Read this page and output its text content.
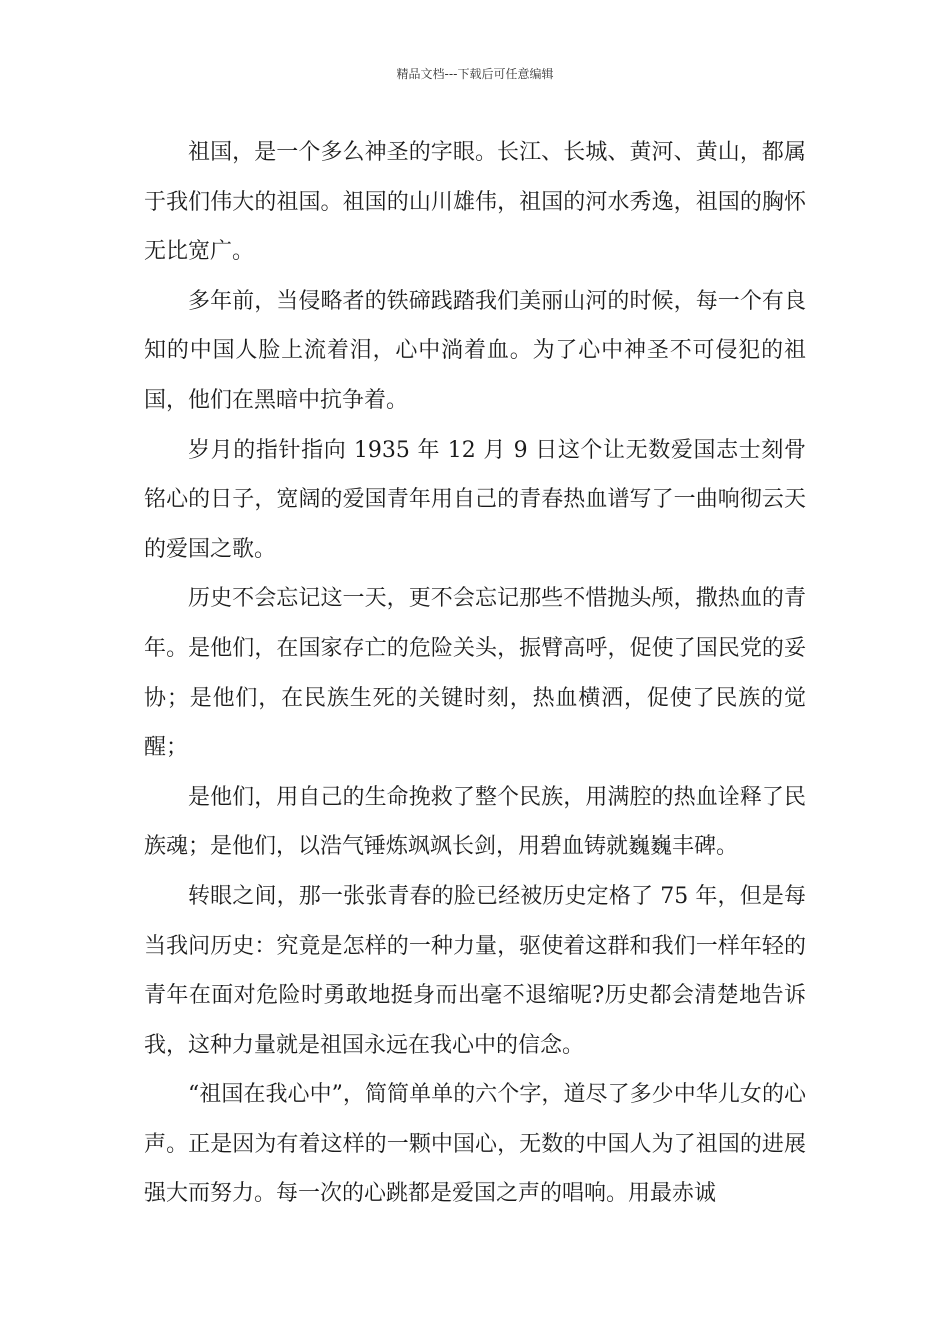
精品文档---下载后可任意编辑

祖国，是一个多么神圣的字眼。长江、长城、黄河、黄山，都属于我们伟大的祖国。祖国的山川雄伟，祖国的河水秀逸，祖国的胸怀无比宽广。

多年前，当侵略者的铁碲践踏我们美丽山河的时候，每一个有良知的中国人脸上流着泪，心中淌着血。为了心中神圣不可侵犯的祖国，他们在黑暗中抗争着。

岁月的指针指向 1935 年 12 月 9 日这个让无数爱国志士刻骨铭心的日子，宽阔的爱国青年用自己的青春热血谱写了一曲响彻云天的爱国之歌。

历史不会忘记这一天，更不会忘记那些不惜抛头颅，撒热血的青年。是他们，在国家存亡的危险关头，振臂高呼，促使了国民党的妥协；是他们，在民族生死的关键时刻，热血横洒，促使了民族的觉醒；

是他们，用自己的生命挽救了整个民族，用满腔的热血诠释了民族魂；是他们，以浩气锤炼飒飒长剑，用碧血铸就巍巍丰碑。

转眼之间，那一张张青春的脸已经被历史定格了 75 年，但是每当我问历史：究竟是怎样的一种力量，驱使着这群和我们一样年轻的青年在面对危险时勇敢地挺身而出毫不退缩呢?历史都会清楚地告诉我，这种力量就是祖国永远在我心中的信念。

“祖国在我心中”，简简单单的六个字，道尽了多少中华儿女的心声。正是因为有着这样的一颗中国心，无数的中国人为了祖国的进展强大而努力。每一次的心跳都是爱国之声的唱响。用最赤诚
